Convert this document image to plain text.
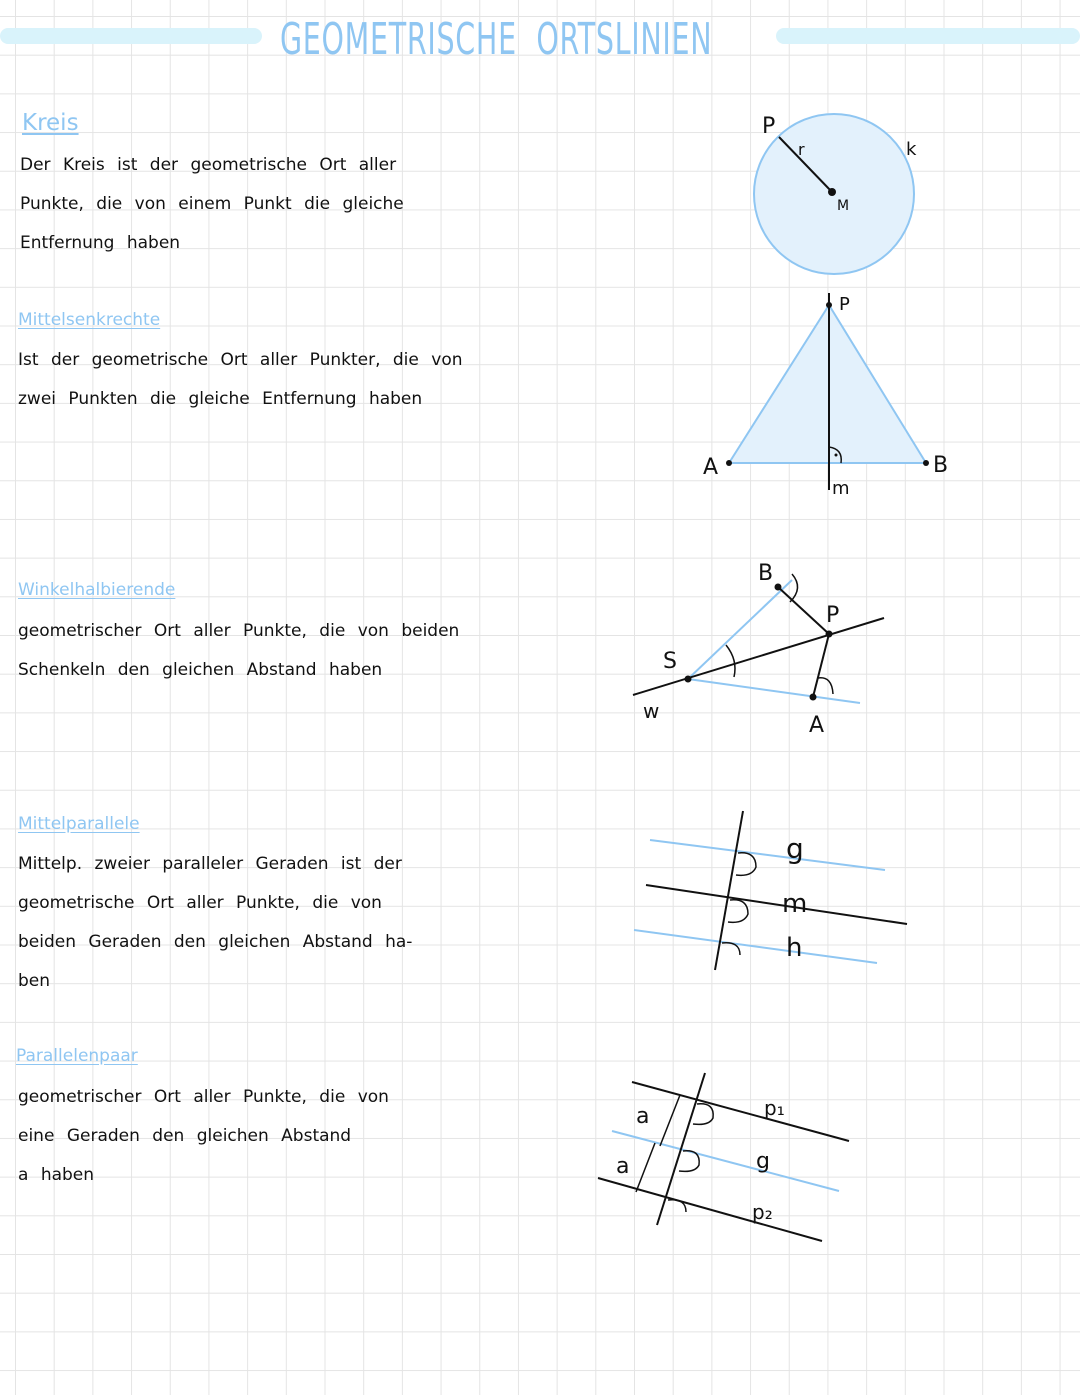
GEOMETRISCHE  ORTSLINIEN
Kreis
Der Kreis ist der geometrische Ort aller
Punkte, die von einem Punkt die gleiche
Entfernung haben
Mittelsenkrechte
Ist der geometrische Ort aller Punkter, die von
zwei Punkten die gleiche Entfernung haben
Winkelhalbierende
geometrischer Ort aller Punkte, die von beiden
Schenkeln den gleichen Abstand haben
Mittelparallele
Mittelp. zweier paralleler Geraden ist der
geometrische Ort aller Punkte, die von
beiden Geraden den gleichen Abstand ha-
ben
Parallelenpaar
geometrischer Ort aller Punkte, die von
eine Geraden den gleichen Abstand
a haben
P
r
M
k
P
A	B
m
B
P
S
A
w
g
m
h
a
a
p₁
g
p₂
